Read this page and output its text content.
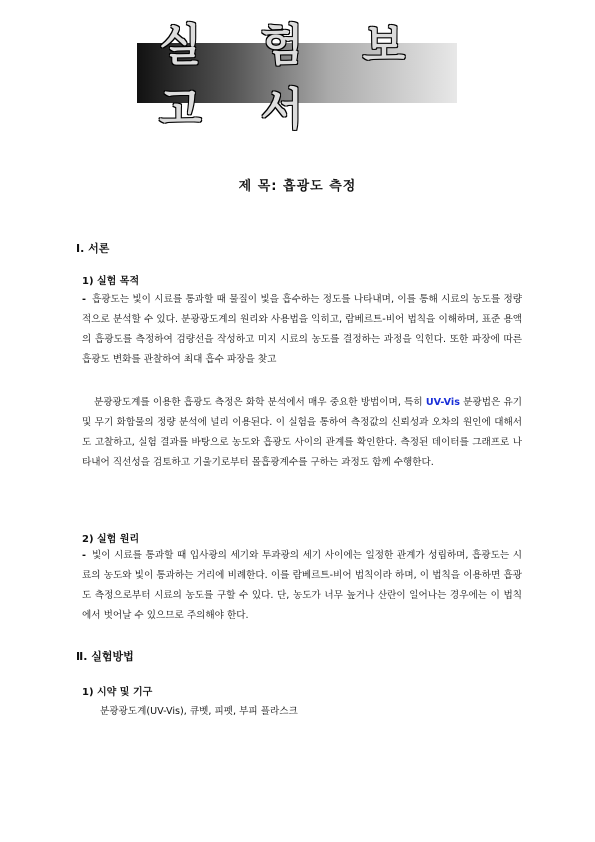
실 험 보 고 서
제 목: 흡광도 측정
Ⅰ. 서론
1) 실험 목적

- 흡광도는 빛이 시료를 통과할 때 물질이 빛을 흡수하는 정도를 나타내며, 이를 통해 시료의 농도를 정량적으로 분석할 수 있다. 분광광도계의 원리와 사용법을 익히고, 람베르트-비어 법칙을 이해하며, 표준 용액의 흡광도를 측정하여 검량선을 작성하고 미지 시료의 농도를 결정하는 과정을 익힌다. 또한 파장에 따른 흡광도 변화를 관찰하여 최대 흡수 파장을 찾고

분광광도계를 이용한 흡광도 측정은 화학 분석에서 매우 중요한 방법이며, 특히 UV-Vis 분광법은 유기 및 무기 화합물의 정량 분석에 널리 이용된다. 이 실험을 통하여 측정값의 신뢰성과 오차의 원인에 대해서도 고찰하고, 실험 결과를 바탕으로 농도와 흡광도 사이의 관계를 확인한다. 측정된 데이터를 그래프로 나타내어 직선성을 검토하고 기울기로부터 몰흡광계수를 구하는 과정도 함께 수행한다.

2) 실험 원리

- 빛이 시료를 통과할 때 입사광의 세기와 투과광의 세기 사이에는 일정한 관계가 성립하며, 흡광도는 시료의 농도와 빛이 통과하는 거리에 비례한다. 이를 람베르트-비어 법칙이라 하며, 이 법칙을 이용하면 흡광도 측정으로부터 시료의 농도를 구할 수 있다. 단, 농도가 너무 높거나 산란이 일어나는 경우에는 이 법칙에서 벗어날 수 있으므로 주의해야 한다.

Ⅱ. 실험방법
1) 시약 및 기구
분광광도계(UV-Vis), 큐벳, 피펫, 부피 플라스크
